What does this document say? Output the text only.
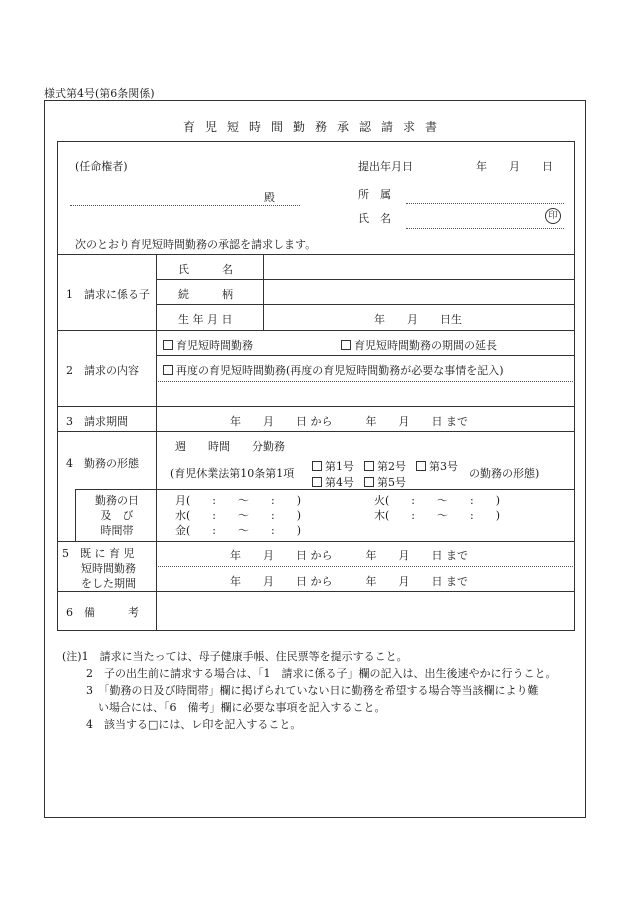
様式第4号(第6条関係)
育児短時間勤務承認請求書
(任命権者)
殿
提出年月日	年　　月　　日
所　属
氏　名	印
次のとおり育児短時間勤務の承認を請求します。
1　請求に係る子
氏　　　名
続　　　柄
生 年 月 日	年　　月　　日生
2　請求の内容
育児短時間勤務	育児短時間勤務の期間の延長
再度の育児短時間勤務(再度の育児短時間勤務が必要な事情を記入)
3　請求期間	年　　月　　日 から　　　年　　月　　日 まで
4　勤務の形態
週　　時間　　分勤務
(育児休業法第10条第1項
第1号	第2号	第3号
第4号	第5号
の勤務の形態)
勤務の日
及　び
時間帯
月(　　:　　〜　　:　　)	火(　　:　　〜　　:　　)
水(　　:　　〜　　:　　)	木(　　:　　〜　　:　　)
金(　　:　　〜　　:　　)
5　既 に 育 児
短時間勤務
をした期間
年　　月　　日 から　　　年　　月　　日 まで
年　　月　　日 から　　　年　　月　　日 まで
6　備　　　考
(注)1　請求に当たっては、母子健康手帳、住民票等を提示すること。
2　子の出生前に請求する場合は、「1　請求に係る子」欄の記入は、出生後速やかに行うこと。
3　「勤務の日及び時間帯」欄に掲げられていない日に勤務を希望する場合等当該欄により難
い場合には、「6　備考」欄に必要な事項を記入すること。
4　該当する□には、レ印を記入すること。
